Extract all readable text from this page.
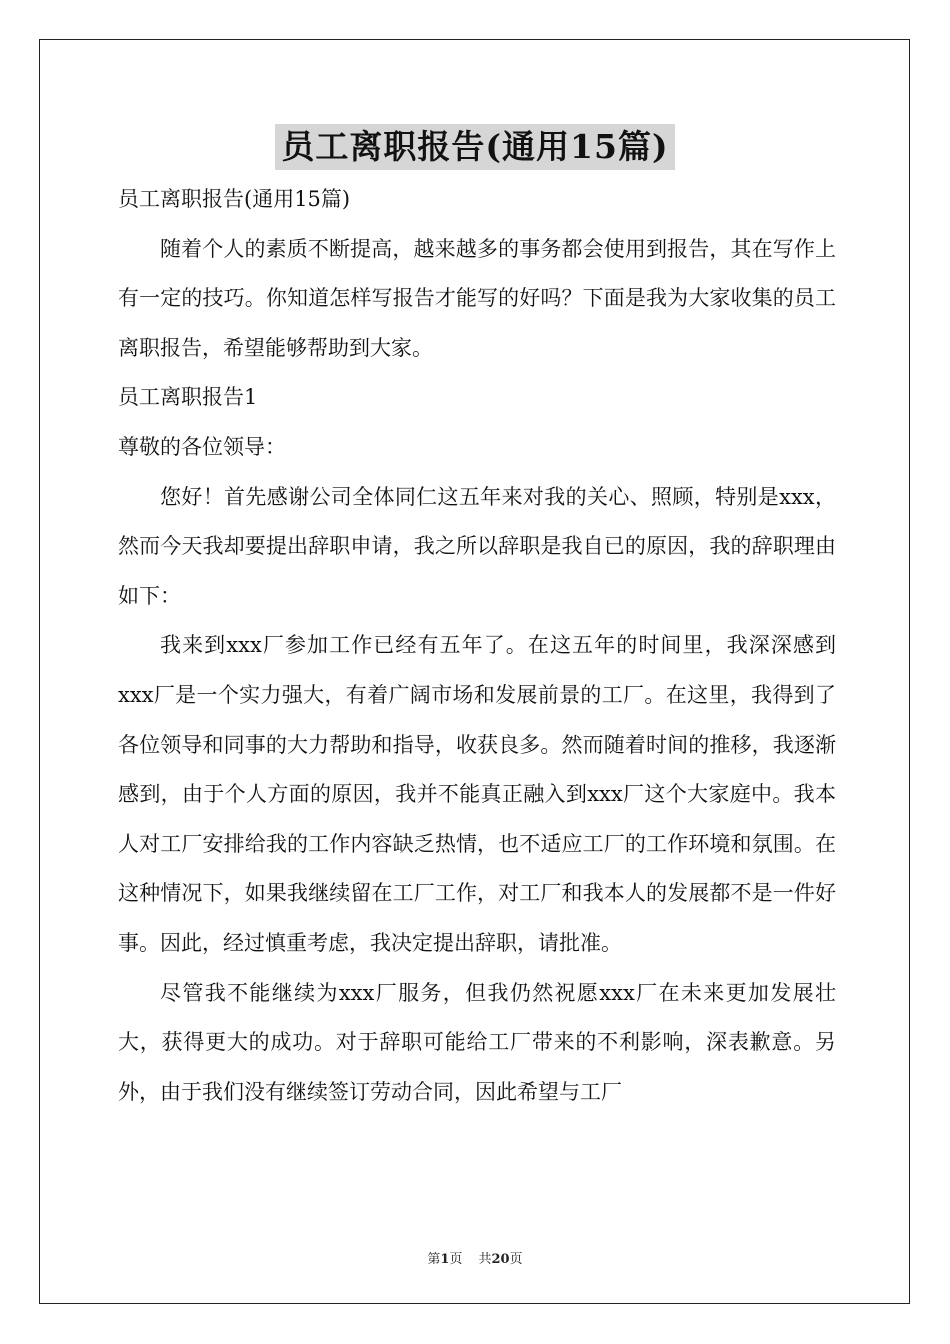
员工离职报告(通用15篇)

员工离职报告(通用15篇)

随着个人的素质不断提高，越来越多的事务都会使用到报告，其在写作上有一定的技巧。你知道怎样写报告才能写的好吗？下面是我为大家收集的员工离职报告，希望能够帮助到大家。

员工离职报告1

尊敬的各位领导：

您好！首先感谢公司全体同仁这五年来对我的关心、照顾，特别是xxx，然而今天我却要提出辞职申请，我之所以辞职是我自已的原因，我的辞职理由如下：

我来到xxx厂参加工作已经有五年了。在这五年的时间里，我深深感到xxx厂是一个实力强大，有着广阔市场和发展前景的工厂。在这里，我得到了各位领导和同事的大力帮助和指导，收获良多。然而随着时间的推移，我逐渐感到，由于个人方面的原因，我并不能真正融入到xxx厂这个大家庭中。我本人对工厂安排给我的工作内容缺乏热情，也不适应工厂的工作环境和氛围。在这种情况下，如果我继续留在工厂工作，对工厂和我本人的发展都不是一件好事。因此，经过慎重考虑，我决定提出辞职，请批准。

尽管我不能继续为xxx厂服务，但我仍然祝愿xxx厂在未来更加发展壮大，获得更大的成功。对于辞职可能给工厂带来的不利影响，深表歉意。另外，由于我们没有继续签订劳动合同，因此希望与工厂

第1页 共20页
